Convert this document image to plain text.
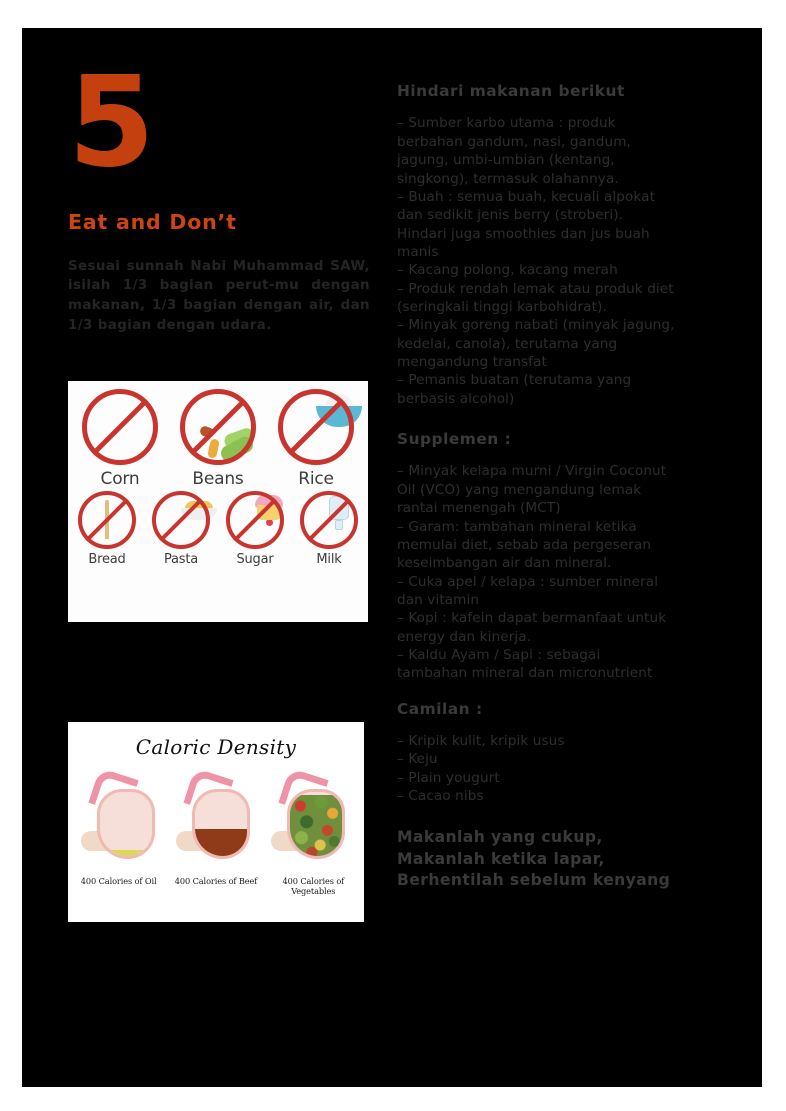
5
Eat and Don’t
Sesuai sunnah Nabi Muhammad SAW, isilah 1/3 bagian perut-mu dengan makanan, 1/3 bagian dengan air, dan 1/3 bagian dengan udara.
Corn	Beans	Rice
Bread	Pasta	Sugar	Milk
Caloric Density
400 Calories of Oil	400 Calories of Beef	400 Calories of Vegetables
Hindari makanan berikut
– Sumber karbo utama : produk
berbahan gandum, nasi, gandum,
jagung, umbi-umbian (kentang,
singkong), termasuk olahannya.
– Buah : semua buah, kecuali alpokat
dan sedikit jenis berry (stroberi).
Hindari juga smoothies dan jus buah
manis
– Kacang polong, kacang merah
– Produk rendah lemak atau produk diet
(seringkali tinggi karbohidrat).
– Minyak goreng nabati (minyak jagung,
kedelai, canola), terutama yang
mengandung transfat
– Pemanis buatan (terutama yang
berbasis alcohol)
Supplemen :
– Minyak kelapa murni / Virgin Coconut
Oil (VCO) yang mengandung lemak
rantai menengah (MCT)
– Garam: tambahan mineral ketika
memulai diet, sebab ada pergeseran
keseimbangan air dan mineral.
– Cuka apel / kelapa : sumber mineral
dan vitamin
– Kopi : kafein dapat bermanfaat untuk
energy dan kinerja.
– Kaldu Ayam / Sapi : sebagai
tambahan mineral dan micronutrient
Camilan :
– Kripik kulit, kripik usus
– Keju
– Plain yougurt
– Cacao nibs
Makanlah yang cukup,
Makanlah ketika lapar,
Berhentilah sebelum kenyang
